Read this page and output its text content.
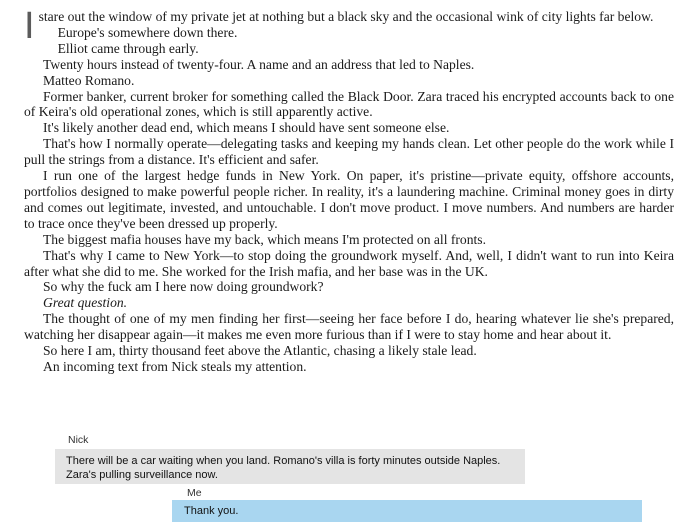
Istare out the window of my private jet at nothing but a black sky and the occasional wink of city lights far below.

Europe's somewhere down there.

Elliot came through early.

Twenty hours instead of twenty-four. A name and an address that led to Naples.

Matteo Romano.

Former banker, current broker for something called the Black Door. Zara traced his encrypted accounts back to one of Keira's old operational zones, which is still apparently active.

It's likely another dead end, which means I should have sent someone else.

That's how I normally operate—delegating tasks and keeping my hands clean. Let other people do the work while I pull the strings from a distance. It's efficient and safer.

I run one of the largest hedge funds in New York. On paper, it's pristine—private equity, offshore accounts, portfolios designed to make powerful people richer. In reality, it's a laundering machine. Criminal money goes in dirty and comes out legitimate, invested, and untouchable. I don't move product. I move numbers. And numbers are harder to trace once they've been dressed up properly.

The biggest mafia houses have my back, which means I'm protected on all fronts.

That's why I came to New York—to stop doing the groundwork myself. And, well, I didn't want to run into Keira after what she did to me. She worked for the Irish mafia, and her base was in the UK.

So why the fuck am I here now doing groundwork?

Great question.

The thought of one of my men finding her first—seeing her face before I do, hearing whatever lie she's prepared, watching her disappear again—it makes me even more furious than if I were to stay home and hear about it.

So here I am, thirty thousand feet above the Atlantic, chasing a likely stale lead.

An incoming text from Nick steals my attention.

Nick
There will be a car waiting when you land. Romano's villa is forty minutes outside Naples.
Zara's pulling surveillance now.
Me
Thank you.
